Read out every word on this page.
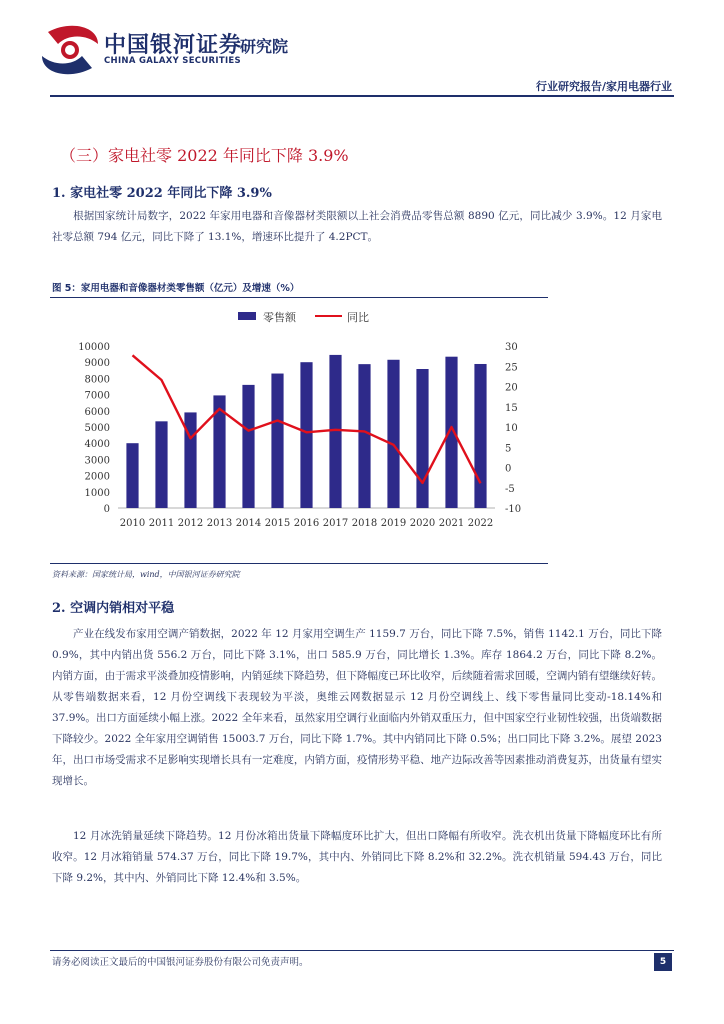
中国银河证券
研究院
CHINA GALAXY SECURITIES
行业研究报告/家用电器行业
（三）家电社零 2022 年同比下降 3.9%
1. 家电社零 2022 年同比下降 3.9%
根据国家统计局数字，2022 年家用电器和音像器材类限额以上社会消费品零售总额 8890 亿元，同比减少 3.9%。12 月家电社零总额 794 亿元，同比下降了 13.1%，增速环比提升了 4.2PCT。
图 5：家用电器和音像器材类零售额（亿元）及增速（%）
零售额	同比
0
1000
2000
3000
4000
5000
6000
7000
8000
9000
10000
-10
-5
0
5
10
15
20
25
30
2010 2011 2012 2013 2014 2015 2016 2017 2018 2019 2020 2021 2022
资料来源：国家统计局，wind，中国银河证券研究院
2. 空调内销相对平稳
产业在线发布家用空调产销数据，2022 年 12 月家用空调生产 1159.7 万台，同比下降 7.5%，销售 1142.1 万台，同比下降 0.9%，其中内销出货 556.2 万台，同比下降 3.1%，出口 585.9 万台，同比增长 1.3%。库存 1864.2 万台，同比下降 8.2%。内销方面，由于需求平淡叠加疫情影响，内销延续下降趋势，但下降幅度已环比收窄，后续随着需求回暖，空调内销有望继续好转。从零售端数据来看，12 月份空调线下表现较为平淡，奥维云网数据显示 12 月份空调线上、线下零售量同比变动-18.14%和 37.9%。出口方面延续小幅上涨。2022 全年来看，虽然家用空调行业面临内外销双重压力，但中国家空行业韧性较强，出货端数据下降较少。2022 全年家用空调销售 15003.7 万台，同比下降 1.7%。其中内销同比下降 0.5%；出口同比下降 3.2%。展望 2023 年，出口市场受需求不足影响实现增长具有一定难度，内销方面，疫情形势平稳、地产边际改善等因素推动消费复苏，出货量有望实现增长。
12 月冰洗销量延续下降趋势。12 月份冰箱出货量下降幅度环比扩大，但出口降幅有所收窄。洗衣机出货量下降幅度环比有所收窄。12 月冰箱销量 574.37 万台，同比下降 19.7%，其中内、外销同比下降 8.2%和 32.2%。洗衣机销量 594.43 万台，同比下降 9.2%，其中内、外销同比下降 12.4%和 3.5%。
请务必阅读正文最后的中国银河证券股份有限公司免责声明。	5
